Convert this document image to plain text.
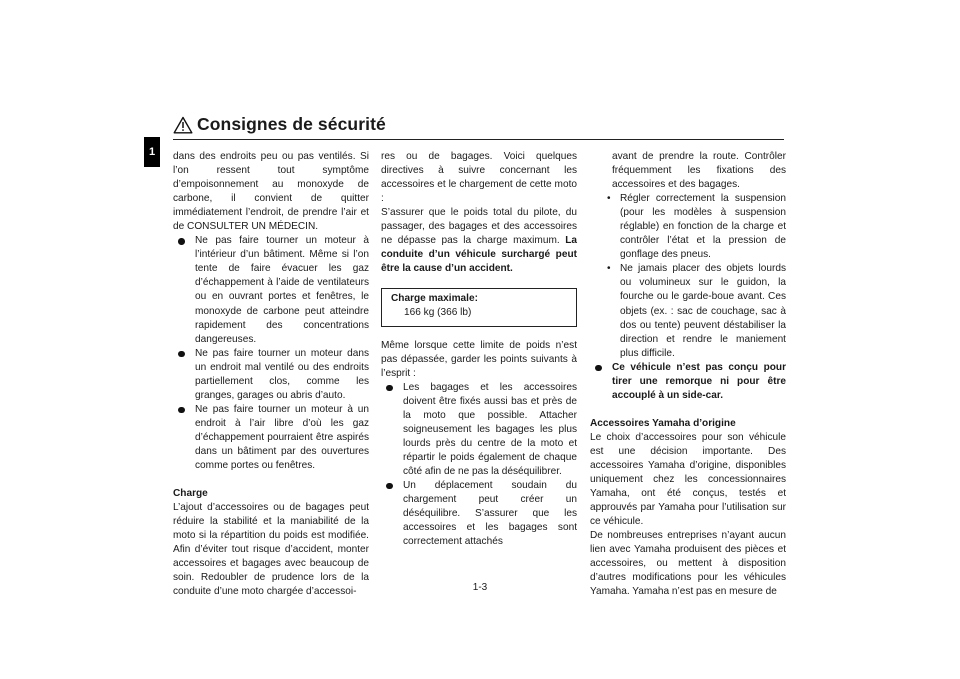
Consignes de sécurité
1	dans des endroits peu ou pas ventilés. Si l’on ressent tout symptôme d’empoisonnement au monoxyde de carbone, il convient de quitter immédiatement l’endroit, de prendre l’air et de CONSULTER UN MÉDECIN.

Ne pas faire tourner un moteur à l’intérieur d’un bâtiment. Même si l’on tente de faire évacuer les gaz d’échappement à l’aide de ventilateurs ou en ouvrant portes et fenêtres, le monoxyde de carbone peut atteindre rapidement des concentrations dangereuses.
Ne pas faire tourner un moteur dans un endroit mal ventilé ou des endroits partiellement clos, comme les granges, garages ou abris d’auto.
Ne pas faire tourner un moteur à un endroit à l’air libre d’où les gaz d’échappement pourraient être aspirés dans un bâtiment par des ouvertures comme portes ou fenêtres.

Charge

L’ajout d’accessoires ou de bagages peut réduire la stabilité et la maniabilité de la moto si la répartition du poids est modifiée. Afin d’éviter tout risque d’accident, monter accessoires et bagages avec beaucoup de soin. Redoubler de prudence lors de la conduite d’une moto chargée d’accessoi-

res ou de bagages. Voici quelques directives à suivre concernant les accessoires et le chargement de cette moto :

S’assurer que le poids total du pilote, du passager, des bagages et des accessoires ne dépasse pas la charge maximum. La conduite d’un véhicule surchargé peut être la cause d’un accident.

Charge maximale:
166 kg (366 lb)

Même lorsque cette limite de poids n’est pas dépassée, garder les points suivants à l’esprit :

Les bagages et les accessoires doivent être fixés aussi bas et près de la moto que possible. Attacher soigneusement les bagages les plus lourds près du centre de la moto et répartir le poids également de chaque côté afin de ne pas la déséquilibrer.
Un déplacement soudain du chargement peut créer un déséquilibre. S’assurer que les accessoires et les bagages sont correctement attachés

avant de prendre la route. Contrôler fréquemment les fixations des accessoires et des bagages.

• Régler correctement la suspension (pour les modèles à suspension réglable) en fonction de la charge et contrôler l’état et la pression de gonflage des pneus.
• Ne jamais placer des objets lourds ou volumineux sur le guidon, la fourche ou le garde-boue avant. Ces objets (ex. : sac de couchage, sac à dos ou tente) peuvent déstabiliser la direction et rendre le maniement plus difficile.
Ce véhicule n’est pas conçu pour tirer une remorque ni pour être accouplé à un side-car.

Accessoires Yamaha d’origine

Le choix d’accessoires pour son véhicule est une décision importante. Des accessoires Yamaha d’origine, disponibles uniquement chez les concessionnaires Yamaha, ont été conçus, testés et approuvés par Yamaha pour l’utilisation sur ce véhicule.

De nombreuses entreprises n’ayant aucun lien avec Yamaha produisent des pièces et accessoires, ou mettent à disposition d’autres modifications pour les véhicules Yamaha. Yamaha n’est pas en mesure de

1-3
